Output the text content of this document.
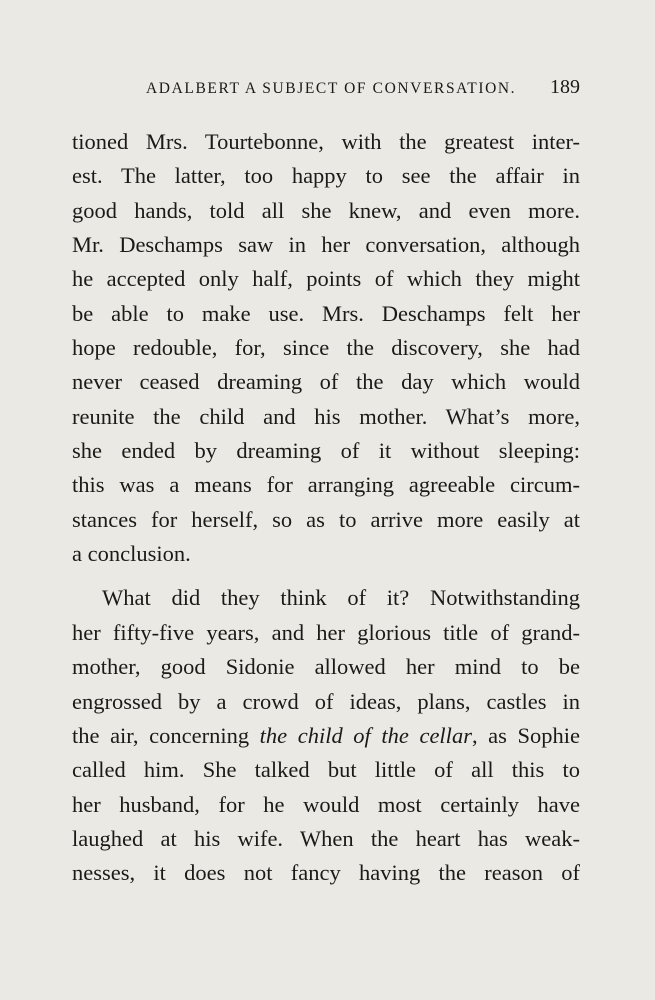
ADALBERT A SUBJECT OF CONVERSATION. 189
tioned Mrs. Tourtebonne, with the greatest inter-
est. The latter, too happy to see the affair in
good hands, told all she knew, and even more.
Mr. Deschamps saw in her conversation, although
he accepted only half, points of which they might
be able to make use. Mrs. Deschamps felt her
hope redouble, for, since the discovery, she had
never ceased dreaming of the day which would
reunite the child and his mother. What’s more,
she ended by dreaming of it without sleeping:
this was a means for arranging agreeable circum-
stances for herself, so as to arrive more easily at
a conclusion.
What did they think of it? Notwithstanding
her fifty-five years, and her glorious title of grand-
mother, good Sidonie allowed her mind to be
engrossed by a crowd of ideas, plans, castles in
the air, concerning the child of the cellar, as Sophie
called him. She talked but little of all this to
her husband, for he would most certainly have
laughed at his wife. When the heart has weak-
nesses, it does not fancy having the reason of
